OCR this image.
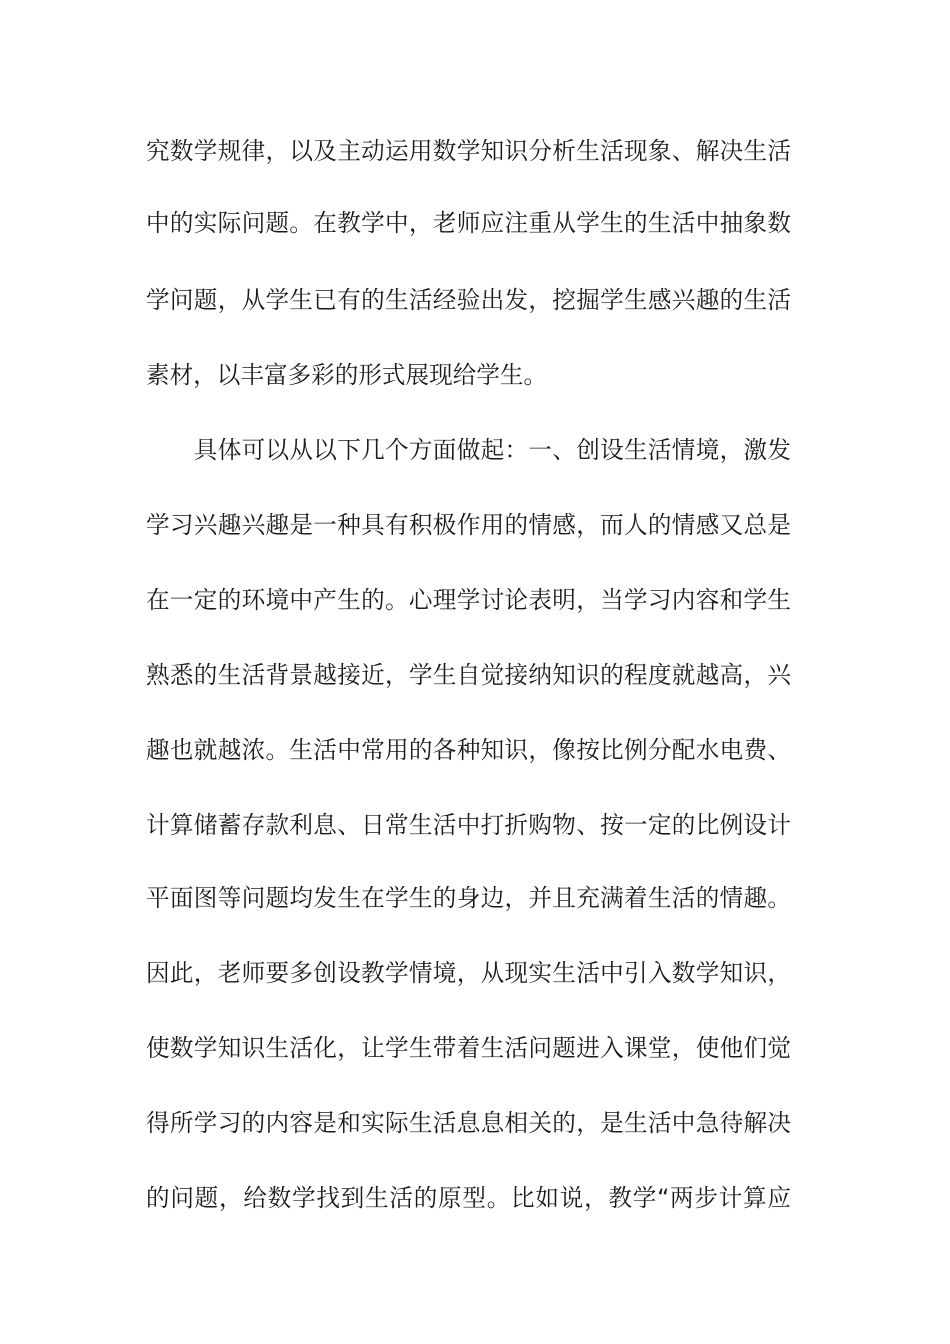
究数学规律，以及主动运用数学知识分析生活现象、解决生活
中的实际问题。在教学中，老师应注重从学生的生活中抽象数
学问题，从学生已有的生活经验出发，挖掘学生感兴趣的生活
素材，以丰富多彩的形式展现给学生。
　　具体可以从以下几个方面做起：一、创设生活情境，激发
学习兴趣兴趣是一种具有积极作用的情感，而人的情感又总是
在一定的环境中产生的。心理学讨论表明，当学习内容和学生
熟悉的生活背景越接近，学生自觉接纳知识的程度就越高，兴
趣也就越浓。生活中常用的各种知识，像按比例分配水电费、
计算储蓄存款利息、日常生活中打折购物、按一定的比例设计
平面图等问题均发生在学生的身边，并且充满着生活的情趣。
因此，老师要多创设教学情境，从现实生活中引入数学知识，
使数学知识生活化，让学生带着生活问题进入课堂，使他们觉
得所学习的内容是和实际生活息息相关的，是生活中急待解决
的问题，给数学找到生活的原型。比如说，教学“两步计算应
